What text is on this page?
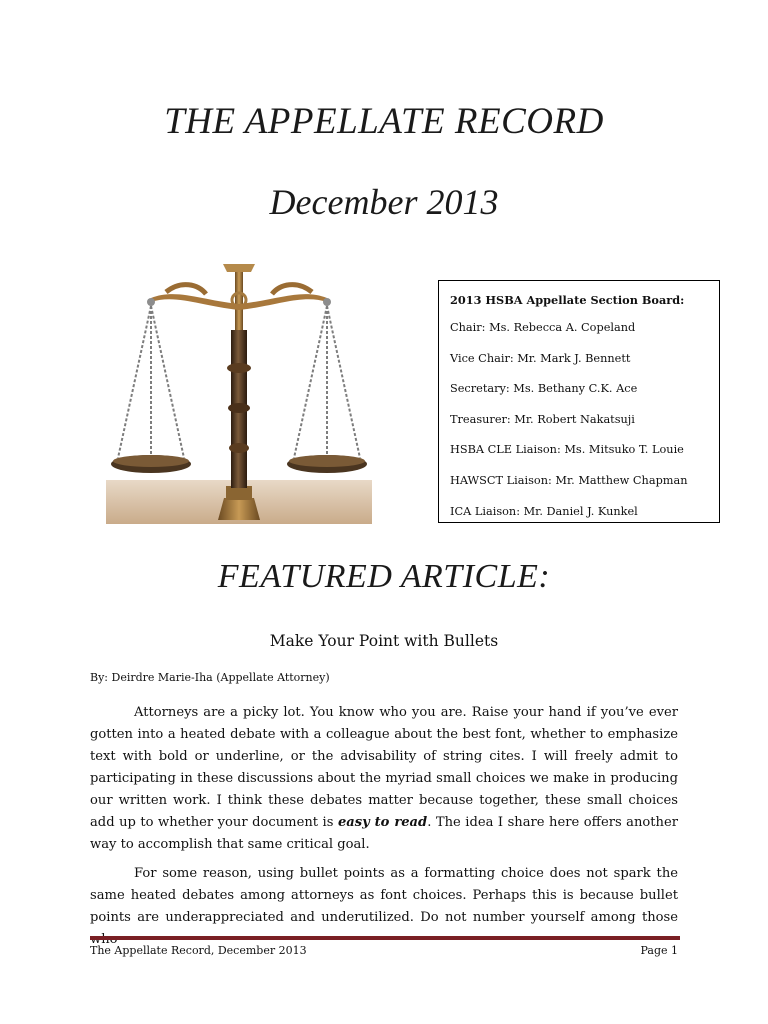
THE APPELLATE RECORD
December 2013
2013 HSBA Appellate Section Board:
Chair: Ms. Rebecca A. Copeland
Vice Chair: Mr. Mark J. Bennett
Secretary: Ms. Bethany C.K. Ace
Treasurer: Mr. Robert Nakatsuji
HSBA CLE Liaison: Ms. Mitsuko T. Louie
HAWSCT Liaison: Mr. Matthew Chapman
ICA Liaison: Mr. Daniel J. Kunkel
FEATURED ARTICLE:
Make Your Point with Bullets
By: Deirdre Marie-Iha (Appellate Attorney)
Attorneys are a picky lot. You know who you are. Raise your hand if you’ve ever gotten into a heated debate with a colleague about the best font, whether to emphasize text with bold or underline, or the advisability of string cites. I will freely admit to participating in these discussions about the myriad small choices we make in producing our written work. I think these debates matter because together, these small choices add up to whether your document is easy to read. The idea I share here offers another way to accomplish that same critical goal.
For some reason, using bullet points as a formatting choice does not spark the same heated debates among attorneys as font choices. Perhaps this is because bullet points are underappreciated and underutilized. Do not number yourself among those
The Appellate Record, December 2013	Page 1
